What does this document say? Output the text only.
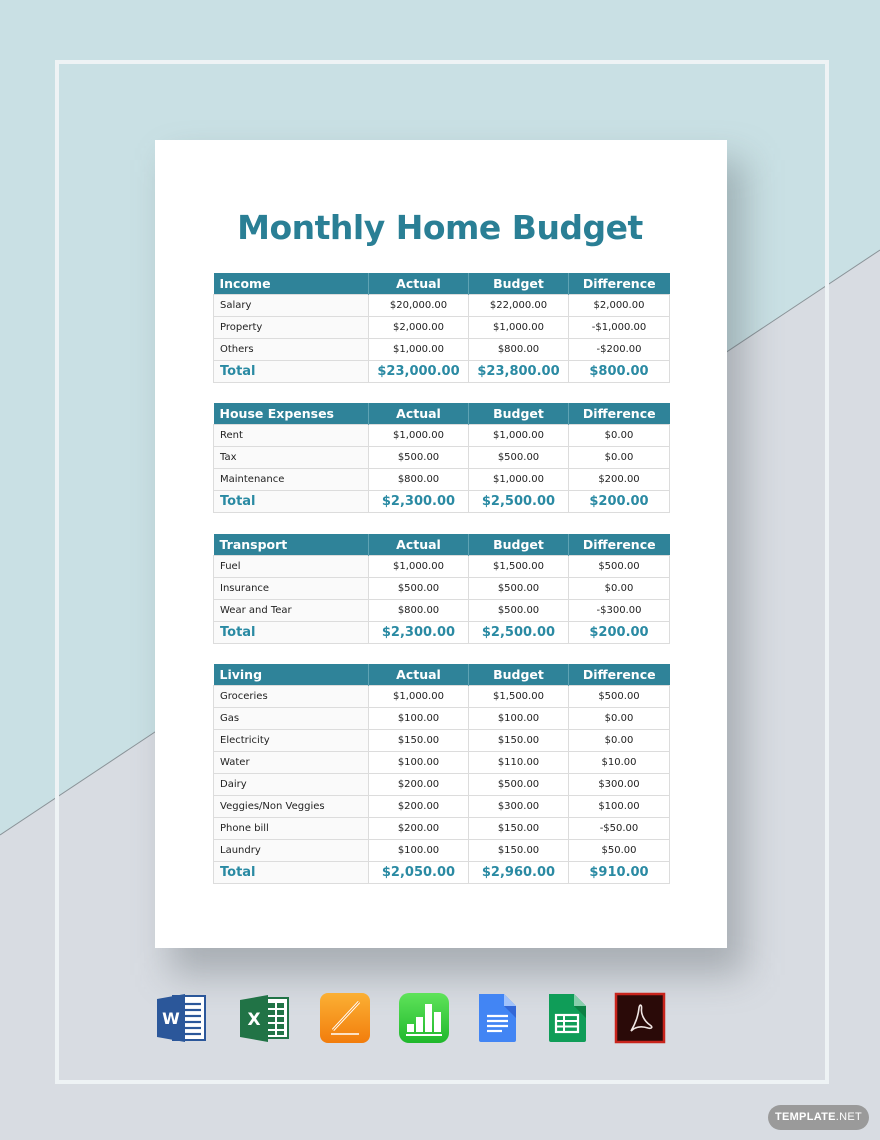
Monthly Home Budget
Income	Actual	Budget	Difference
Salary	$20,000.00	$22,000.00	$2,000.00
Property	$2,000.00	$1,000.00	-$1,000.00
Others	$1,000.00	$800.00	-$200.00
Total	$23,000.00	$23,800.00	$800.00
House Expenses	Actual	Budget	Difference
Rent	$1,000.00	$1,000.00	$0.00
Tax	$500.00	$500.00	$0.00
Maintenance	$800.00	$1,000.00	$200.00
Total	$2,300.00	$2,500.00	$200.00
Transport	Actual	Budget	Difference
Fuel	$1,000.00	$1,500.00	$500.00
Insurance	$500.00	$500.00	$0.00
Wear and Tear	$800.00	$500.00	-$300.00
Total	$2,300.00	$2,500.00	$200.00
Living	Actual	Budget	Difference
Groceries	$1,000.00	$1,500.00	$500.00
Gas	$100.00	$100.00	$0.00
Electricity	$150.00	$150.00	$0.00
Water	$100.00	$110.00	$10.00
Dairy	$200.00	$500.00	$300.00
Veggies/Non Veggies	$200.00	$300.00	$100.00
Phone bill	$200.00	$150.00	-$50.00
Laundry	$100.00	$150.00	$50.00
Total	$2,050.00	$2,960.00	$910.00
W	X
TEMPLATE.NET
